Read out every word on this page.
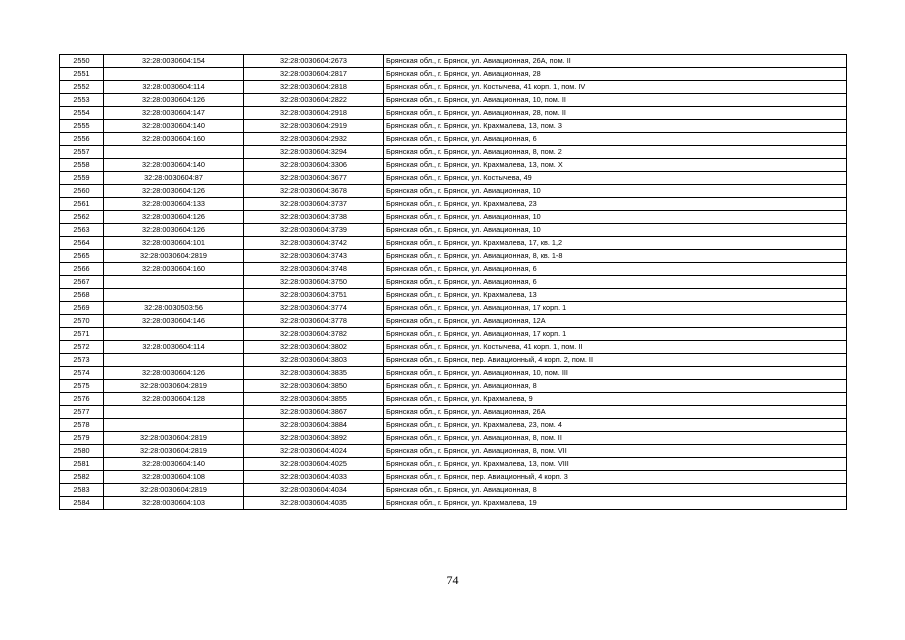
2550	32:28:0030604:154	32:28:0030604:2673	Брянская обл., г. Брянск, ул. Авиационная, 26А, пом. II
2551		32:28:0030604:2817	Брянская обл., г. Брянск, ул. Авиационная, 28
2552	32:28:0030604:114	32:28:0030604:2818	Брянская обл., г. Брянск, ул. Костычева, 41 корп. 1, пом. IV
2553	32:28:0030604:126	32:28:0030604:2822	Брянская обл., г. Брянск, ул. Авиационная, 10, пом. II
2554	32:28:0030604:147	32:28:0030604:2918	Брянская обл., г. Брянск, ул. Авиационная, 28, пом. II
2555	32:28:0030604:140	32:28:0030604:2919	Брянская обл., г. Брянск, ул. Крахмалева, 13, пом. 3
2556	32:28:0030604:160	32:28:0030604:2932	Брянская обл., г. Брянск, ул. Авиационная, 6
2557		32:28:0030604:3294	Брянская обл., г. Брянск, ул. Авиационная, 8, пом. 2
2558	32:28:0030604:140	32:28:0030604:3306	Брянская обл., г. Брянск, ул. Крахмалева, 13, пом. X
2559	32:28:0030604:87	32:28:0030604:3677	Брянская обл., г. Брянск, ул. Костычева, 49
2560	32:28:0030604:126	32:28:0030604:3678	Брянская обл., г. Брянск, ул. Авиационная, 10
2561	32:28:0030604:133	32:28:0030604:3737	Брянская обл., г. Брянск, ул. Крахмалева, 23
2562	32:28:0030604:126	32:28:0030604:3738	Брянская обл., г. Брянск, ул. Авиационная, 10
2563	32:28:0030604:126	32:28:0030604:3739	Брянская обл., г. Брянск, ул. Авиационная, 10
2564	32:28:0030604:101	32:28:0030604:3742	Брянская обл., г. Брянск, ул. Крахмалева, 17, кв. 1,2
2565	32:28:0030604:2819	32:28:0030604:3743	Брянская обл., г. Брянск, ул. Авиационная, 8, кв. 1-8
2566	32:28:0030604:160	32:28:0030604:3748	Брянская обл., г. Брянск, ул. Авиационная, 6
2567		32:28:0030604:3750	Брянская обл., г. Брянск, ул. Авиационная, 6
2568		32:28:0030604:3751	Брянская обл., г. Брянск, ул. Крахмалева, 13
2569	32:28:0030503:56	32:28:0030604:3774	Брянская обл., г. Брянск, ул. Авиационная, 17 корп. 1
2570	32:28:0030604:146	32:28:0030604:3778	Брянская обл., г. Брянск, ул. Авиационная, 12А
2571		32:28:0030604:3782	Брянская обл., г. Брянск, ул. Авиационная, 17 корп. 1
2572	32:28:0030604:114	32:28:0030604:3802	Брянская обл., г. Брянск, ул. Костычева, 41 корп. 1, пом. II
2573		32:28:0030604:3803	Брянская обл., г. Брянск, пер. Авиационный, 4 корп. 2, пом. II
2574	32:28:0030604:126	32:28:0030604:3835	Брянская обл., г. Брянск, ул. Авиационная, 10, пом. III
2575	32:28:0030604:2819	32:28:0030604:3850	Брянская обл., г. Брянск, ул. Авиационная, 8
2576	32:28:0030604:128	32:28:0030604:3855	Брянская обл., г. Брянск, ул. Крахмалева, 9
2577		32:28:0030604:3867	Брянская обл., г. Брянск, ул. Авиационная, 26А
2578		32:28:0030604:3884	Брянская обл., г. Брянск, ул. Крахмалева, 23, пом. 4
2579	32:28:0030604:2819	32:28:0030604:3892	Брянская обл., г. Брянск, ул. Авиационная, 8, пом. II
2580	32:28:0030604:2819	32:28:0030604:4024	Брянская обл., г. Брянск, ул. Авиационная, 8, пом. VII
2581	32:28:0030604:140	32:28:0030604:4025	Брянская обл., г. Брянск, ул. Крахмалева, 13, пом. VIII
2582	32:28:0030604:108	32:28:0030604:4033	Брянская обл., г. Брянск, пер. Авиационный, 4 корп. 3
2583	32:28:0030604:2819	32:28:0030604:4034	Брянская обл., г. Брянск, ул. Авиационная, 8
2584	32:28:0030604:103	32:28:0030604:4035	Брянская обл., г. Брянск, ул. Крахмалева, 19
74
